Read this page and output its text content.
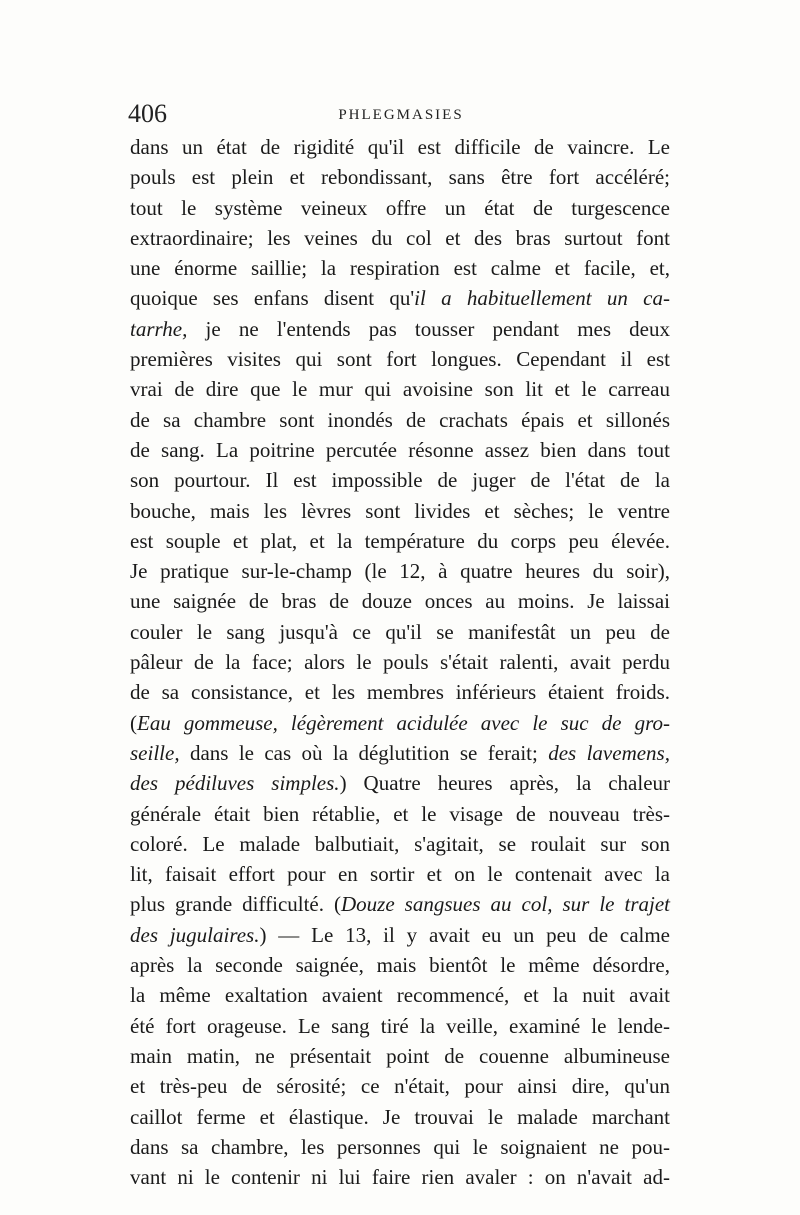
406	PHLEGMASIES
dans un état de rigidité qu'il est difficile de vaincre. Le
pouls est plein et rebondissant, sans être fort accéléré;
tout le système veineux offre un état de turgescence
extraordinaire; les veines du col et des bras surtout font
une énorme saillie; la respiration est calme et facile, et,
quoique ses enfans disent qu'il a habituellement un ca-
tarrhe, je ne l'entends pas tousser pendant mes deux
premières visites qui sont fort longues. Cependant il est
vrai de dire que le mur qui avoisine son lit et le carreau
de sa chambre sont inondés de crachats épais et sillonés
de sang. La poitrine percutée résonne assez bien dans tout
son pourtour. Il est impossible de juger de l'état de la
bouche, mais les lèvres sont livides et sèches; le ventre
est souple et plat, et la température du corps peu élevée.
Je pratique sur-le-champ (le 12, à quatre heures du soir),
une saignée de bras de douze onces au moins. Je laissai
couler le sang jusqu'à ce qu'il se manifestât un peu de
pâleur de la face; alors le pouls s'était ralenti, avait perdu
de sa consistance, et les membres inférieurs étaient froids.
(Eau gommeuse, légèrement acidulée avec le suc de gro-
seille, dans le cas où la déglutition se ferait; des lavemens,
des pédiluves simples.) Quatre heures après, la chaleur
générale était bien rétablie, et le visage de nouveau très-
coloré. Le malade balbutiait, s'agitait, se roulait sur son
lit, faisait effort pour en sortir et on le contenait avec la
plus grande difficulté. (Douze sangsues au col, sur le trajet
des jugulaires.) — Le 13, il y avait eu un peu de calme
après la seconde saignée, mais bientôt le même désordre,
la même exaltation avaient recommencé, et la nuit avait
été fort orageuse. Le sang tiré la veille, examiné le lende-
main matin, ne présentait point de couenne albumineuse
et très-peu de sérosité; ce n'était, pour ainsi dire, qu'un
caillot ferme et élastique. Je trouvai le malade marchant
dans sa chambre, les personnes qui le soignaient ne pou-
vant ni le contenir ni lui faire rien avaler : on n'avait ad-
